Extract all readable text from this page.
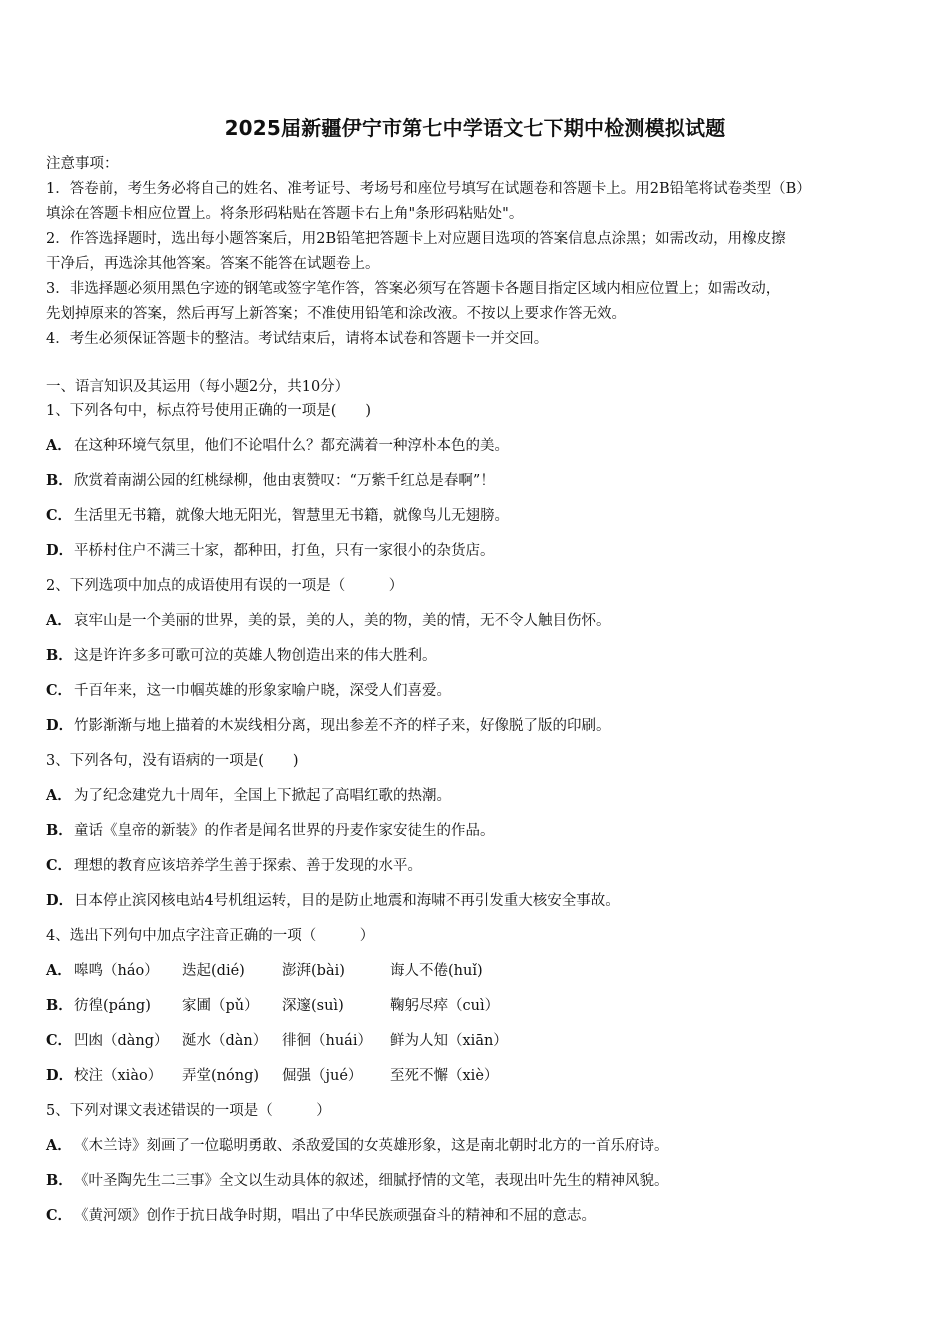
2025届新疆伊宁市第七中学语文七下期中检测模拟试题

注意事项：

1．答卷前，考生务必将自己的姓名、准考证号、考场号和座位号填写在试题卷和答题卡上。用2B铅笔将试卷类型（B）

填涂在答题卡相应位置上。将条形码粘贴在答题卡右上角"条形码粘贴处"。

2．作答选择题时，选出每小题答案后，用2B铅笔把答题卡上对应题目选项的答案信息点涂黑；如需改动，用橡皮擦

干净后，再选涂其他答案。答案不能答在试题卷上。

3．非选择题必须用黑色字迹的钢笔或签字笔作答，答案必须写在答题卡各题目指定区域内相应位置上；如需改动，

先划掉原来的答案，然后再写上新答案；不准使用铅笔和涂改液。不按以上要求作答无效。

4．考生必须保证答题卡的整洁。考试结束后，请将本试卷和答题卡一并交回。

一、语言知识及其运用（每小题2分，共10分）

1、下列各句中，标点符号使用正确的一项是(　　)

A． 在这种环境气氛里，他们不论唱什么？都充满着一种淳朴本色的美。

B．欣赏着南湖公园的红桃绿柳，他由衷赞叹：“万紫千红总是春啊”！

C． 生活里无书籍，就像大地无阳光，智慧里无书籍，就像鸟儿无翅膀。

D．平桥村住户不满三十家，都种田，打鱼，只有一家很小的杂货店。

2、下列选项中加点的成语使用有误的一项是（　　　）

A． 哀牢山是一个美丽的世界，美的景，美的人，美的物，美的情，无不令人触目伤怀。

B．这是许许多多可歌可泣的英雄人物创造出来的伟大胜利。

C． 千百年来，这一巾帼英雄的形象家喻户晓，深受人们喜爱。

D．竹影渐渐与地上描着的木炭线相分离，现出参差不齐的样子来，好像脱了版的印刷。

3、下列各句，没有语病的一项是(　　)

A． 为了纪念建党九十周年，全国上下掀起了高唱红歌的热潮。

B．童话《皇帝的新装》的作者是闻名世界的丹麦作家安徒生的作品。

C． 理想的教育应该培养学生善于探索、善于发现的水平。

D．日本停止滨冈核电站4号机组运转，目的是防止地震和海啸不再引发重大核安全事故。

4、选出下列句中加点字注音正确的一项（　　　）

A． 嗥鸣（háo）	迭起(dié)	澎湃(bài)	诲人不倦(huǐ)
B． 彷徨(páng)	家圃（pǔ）	深邃(suì)	鞠躬尽瘁（cuì）
C． 凹凼（dàng） 涎水（dàn）	徘徊（huái）	鲜为人知（xiān）
D． 校注（xiào）	弄堂(nóng)	倔强（jué）	至死不懈（xiè）

5、下列对课文表述错误的一项是（　　　）

A． 《木兰诗》刻画了一位聪明勇敢、杀敌爱国的女英雄形象，这是南北朝时北方的一首乐府诗。

B．《叶圣陶先生二三事》全文以生动具体的叙述，细腻抒情的文笔，表现出叶先生的精神风貌。

C． 《黄河颂》创作于抗日战争时期，唱出了中华民族顽强奋斗的精神和不屈的意志。
